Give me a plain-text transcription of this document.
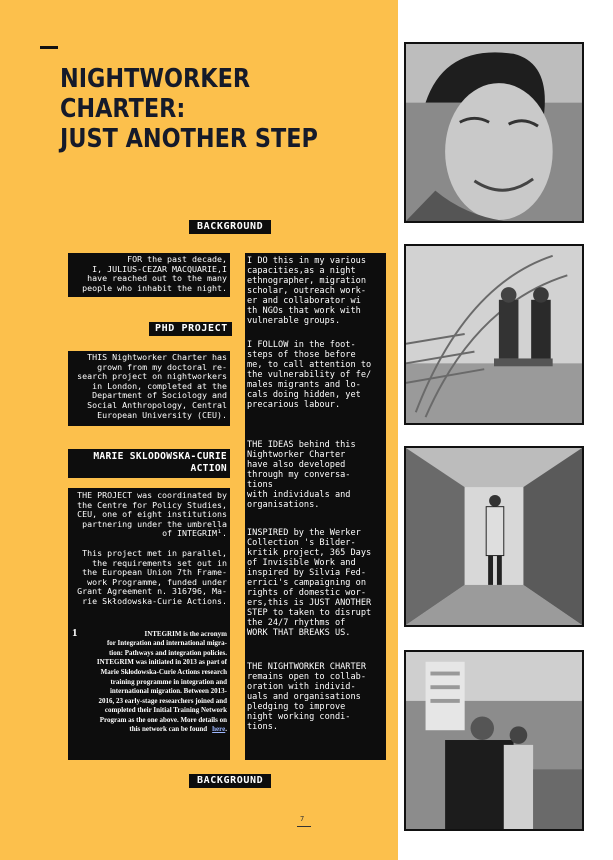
NIGHTWORKER CHARTER:
JUST ANOTHER STEP
BACKGROUND
FOR the past decade,
I, JULIUS-CEZAR MACQUARIE,I
have reached out to the many
people who inhabit the night.
PHD PROJECT
THIS Nightworker Charter has
grown from my doctoral re-
search project on nightworkers
in London, completed at the
Department of Sociology and
Social Anthropology, Central
European University (CEU).
MARIE SKLODOWSKA-CURIE ACTION
THE PROJECT was coordinated by
the Centre for Policy Studies,
CEU, one of eight institutions
partnering under the umbrella
of INTEGRIM¹.
This project met in parallel,
the requirements set out in
the European Union 7th Frame-
work Programme, funded under
Grant Agreement n. 316796, Ma-
rie Skłodowska-Curie Actions.
1	INTEGRIM is the acronym
for Integration and international migra-
tion: Pathways and integration policies.
INTEGRIM was initiated in 2013 as part of
Marie Skłodowska-Curie Actions research
training programme in integration and
international migration. Between 2013-
2016, 23 early-stage researchers joined and
completed their Initial Training Network
Program as the one above. More details on
this network can be found here.
I DO this in my various
capacities,as a night
ethnographer, migration
scholar, outreach work-
er and collaborator wi
th NGOs that work with
vulnerable groups.
I FOLLOW in the foot-
steps of those before
me, to call attention to
the vulnerability of fe/
males migrants and lo-
cals doing hidden, yet
precarious labour.
THE IDEAS behind this
Nightworker Charter
have also developed
through my conversa-
tions
with individuals and
organisations.
INSPIRED by the Werker
Collection 's Bilder-
kritik project, 365 Days
of Invisible Work and
inspired by Silvia Fed-
errici's campaigning on
rights of domestic wor-
ers,this is JUST ANOTHER
STEP to taken to disrupt
the 24/7 rhythms of
WORK THAT BREAKS US.
THE NIGHTWORKER CHARTER
remains open to collab-
oration with individ-
uals and organisations
pledging to improve
night working condi-
tions.
BACKGROUND
7
